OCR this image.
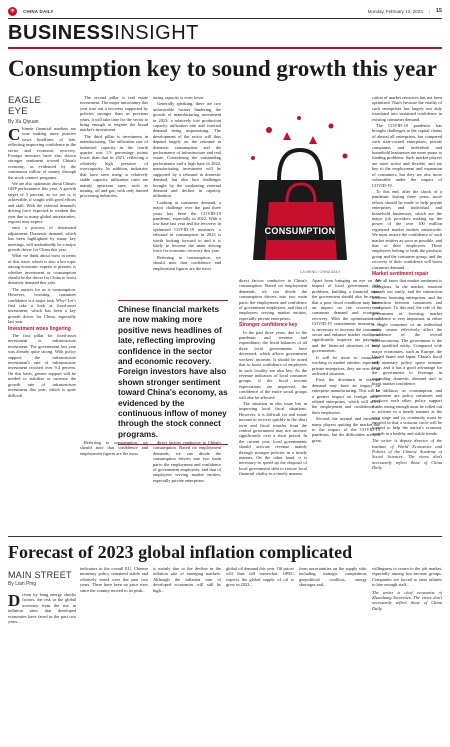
中	CHINA DAILY	Monday, February 13, 2023 | 15
BUSINESSINSIGHT
Consumption key to sound growth this year
EAGLE EYE
By Xu Qiyuan

Chinese financial markets are now making more positive news headlines of late, reflecting improving confidence in the sector and economic recovery. Foreign investors have also shown stronger sentiment toward China's economy, as evidenced by the continuous inflow of money through the stock connect programs.

We are also optimistic about China's GDP performance this year. A growth target of 5 percent, as we see it, is achievable, if sought with good efforts and skill. With the external demand's driving force expected to weaken this year due to many global uncertainties, exports may expect-

ence a process of downward adjustment. Domestic demand, which has been highlighted by many key meetings, will undoubtedly be a major growth driver for China this year.

What we think about most in terms of this issue, which is also a hot topic among economic experts at present, is whether investment or consumption should be the driver for China to boost domestic demand this year.

The answer for us is consumption. However, boosting consumer confidence is a major task. Why? Let's first take a look at fixed-asset investment, which has been a key growth driver for China, especially last year.

Investment woes lingering

The first pillar for fixed-asset investment is infrastructure investment. The government last year was already quite strong. With policy support, the infrastructure investment's rate of infrastructure investment reached over 9.4 percent. On this basis, greater support will be needed to stabilize or increase the growth rate of infrastructure investment this year, which is quite difficult.

The second pillar is real estate investment. The major uncertainty this year rose out a recovery supported by policies stronger than in previous years, it will take time for the sector to bring enough to reignite the broad market's investment.

The third pillar is investment in manufacturing. The utilization rate of industrial capacity in the fourth quarter was 1.9 percentage points lower than that in 2021, reflecting a relatively high pressure of overcapacity. In addition, industries that have seen rising or relatively stable capacity utilization rates are mainly upstream ones, such as mining, oil and gas, with only limited processing industries.

turing capacity is even lower.

Generally speaking, there are two unfavorable factors hindering the growth of manufacturing investment in 2023: a relatively low production capacity utilization rate and external demand being unpromising. The development of the sector will thus depend largely on the rebound in domestic consumption and the performance of infrastructure and real estate. Considering the outstanding performance and a high base in 2022, manufacturing investment will be supported by a rebound in domestic demand, but also face challenges brought by the weakening external demand and decline in capacity utilization.

Looking at consumer demand, a major challenge over the past three years has been the COVID-19 pandemic, especially in 2022. With a low base last year and the recovery in optimized COVID-19 measures, a rebound in consumption in 2023 is worth looking forward to and it is likely to become the main driving force for economic recovery this year.

Referring to consumption, we should note that confidence and employment figures are the most

Chinese financial markets are now making more positive news headlines of late, reflecting improving confidence in the sector and economic recovery. Foreign investors have also shown stronger sentiment toward China's economy, as evidenced by the continuous inflow of money through the stock connect programs.

Referring to consumption, we should note that confidence and employment figures are the most

direct factors conducive to China's consumption. Based on employment demands, we can divide the consumption drivers into two main parts: the employment and confidence of government employees, and that of employees serving market entities, especially private enterprises.

CONSUMPTION
CAI MENG / CHINA DAILY

direct factors conducive to China's consumption. Based on employment demands, we can divide the consumption drivers into two main parts: the employment and confidence of government employees, and that of employees serving market entities, especially private enterprises.

Stronger confidence key

In the past three years, due to the pandemic and revenue and expenditure, the fiscal balances of all three local governments have decreased, which affects government workers' incomes. It should be noted that to boost confidence of employees in such locality are also key. As the revenue indicators of local consumer groups, if the fiscal income expectations are improved, the confidence of the entire social groups will also be affected.

The situation in this issue lies in improving local fiscal situations. However, it is difficult for real estate income to recover quickly in the short term and fiscal transfer from the central government may not increase significantly over a short period. In the current year, local governments should activate revenue mainly through stronger policies in a timely manner. On the other hand, it is necessary to speed up the disposal of local government debt to restore local financial vitality in a timely manner.

Apart from bringing an eye on the impact of local government debt problems, building a financial view, the government should also be aware that a poor fiscal condition may have an impact on the recovery of consumer demand and economic recovery. With the optimization of COVID-19 containment measures, it is necessary to increase the consumer sector and enhance market vitality so significantly improve tax payments and the financial situations of local governments.

It will be more to consumers working in market entities, especially private enterprises, they are now in an awkward situation.

First, the downturn in external demand may have an impact on enterprise manufacturing. This will be a greater impact on foreign trade-related enterprises, which will affect the employment and confidence of their employees.

Second, the normal and increased many players quitting the market due to the impact of the COVID-19 pandemic, but the difficulties are still great.

cation of market resources has not been optimized. That's because the vitality of such enterprises has largely not duly translated into sustained confidence in existing consumer demand.

The COVID-19 pandemic has brought challenges to the capital chains of almost all enterprises, but compared with state-owned enterprises, private companies and individual and household businesses are more prone to funding problems. Such market players are more active and flexible, and are key to the employment and expansion of consumers, but they are also more vulnerable under the impact of COVID-19.

To this end, after the shock of a pandemic lasting three years, more efforts should be made to help private enterprises and individual and household businesses, which are the major job providers making up the power of the over 100 million registered market entities nationwide. We must restore the confidence of such market entities as soon as possible, and that of their employees. These employees belong to both the producer group and the consumer group, and the recovery of their confidence will boost consumer demand.

Market sentiment repair

We all know that market sentiment is contagious. In the market, emotion spreads out easily, and the interaction between booming enterprises, and the interaction between consumers and enterprises. To this end, the role of the government in boosting market confidence is very important, as either a single consumer or an individual entity cannot effectively affect the confidence of the overall macroeconomy. The government is the only qualified entity. Compared with major economies, such as Europe, the United States and Japan, China's fiscal and monetary policy space remains large, and it has a good advantage for the government to leverage in expanding domestic demand and to boost market confidence.

In addition, as consumption and investment are policy measures and reinforce each other, policy support that is strong enough must be rolled out to activate in a timely manner at the very stage and its continuity must be ensured so that a virtuous circle will be formed to help the nation's economy growth in a healthy and stable trends.

The writer is deputy director of the Institute of World Economics and Politics of the Chinese Academy of Social Sciences. The views don't necessarily reflect those of China Daily.

Forecast of 2023 global inflation complicated
MAIN STREET
By Lian Ping

Driven by bang energy shocks factors, the risk to the global economy from the rise in inflation rates that developed economies have faced in the past two years...

indicators in the overall EU, Chinese monetary policy remained stable and relatively eased over the past two years. There have been no price rises since the country moved to its peak...

is mainly due to the decline in the inflation rate of emerging markets. Although the inflation rate of developed economies will still be high...

global oil demand this year. Oil prices will thus fall somewhat. OPEC expects the global supply of oil to grow in 2023...

from uncertainties on the supply side, including strategic competition, geopolitical conflicts, energy shortages and...

willingness to return to the job market, especially among low-income groups. Companies are forced to raise salaries to hire enough staff...

The writer is chief economist of Zhaoshang Securities. The views don't necessarily reflect those of China Daily.
